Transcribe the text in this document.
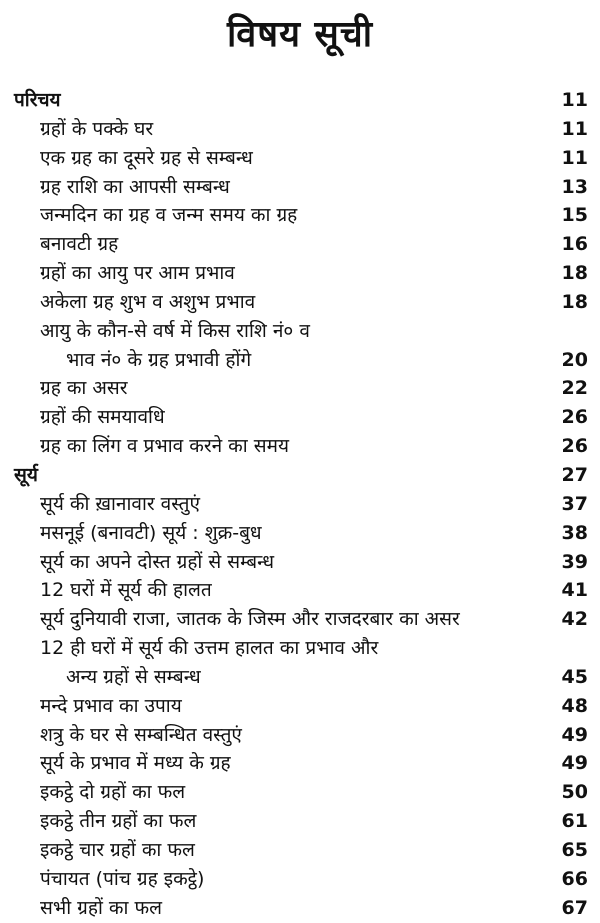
विषय सूची
परिचय	11
ग्रहों के पक्के घर	11
एक ग्रह का दूसरे ग्रह से सम्बन्ध	11
ग्रह राशि का आपसी सम्बन्ध	13
जन्मदिन का ग्रह व जन्म समय का ग्रह	15
बनावटी ग्रह	16
ग्रहों का आयु पर आम प्रभाव	18
अकेला ग्रह शुभ व अशुभ प्रभाव	18
आयु के कौन-से वर्ष में किस राशि नं० व
भाव नं० के ग्रह प्रभावी होंगे	20
ग्रह का असर	22
ग्रहों की समयावधि	26
ग्रह का लिंग व प्रभाव करने का समय	26
सूर्य	27
सूर्य की ख़ानावार वस्तुएं	37
मसनूई (बनावटी) सूर्य : शुक्र-बुध	38
सूर्य का अपने दोस्त ग्रहों से सम्बन्ध	39
12 घरों में सूर्य की हालत	41
सूर्य दुनियावी राजा, जातक के जिस्म और राजदरबार का असर	42
12 ही घरों में सूर्य की उत्तम हालत का प्रभाव और
अन्य ग्रहों से सम्बन्ध	45
मन्दे प्रभाव का उपाय	48
शत्रु के घर से सम्बन्धित वस्तुएं	49
सूर्य के प्रभाव में मध्य के ग्रह	49
इकट्ठे दो ग्रहों का फल	50
इकट्ठे तीन ग्रहों का फल	61
इकट्ठे चार ग्रहों का फल	65
पंचायत (पांच ग्रह इकट्ठे)	66
सभी ग्रहों का फल	67
